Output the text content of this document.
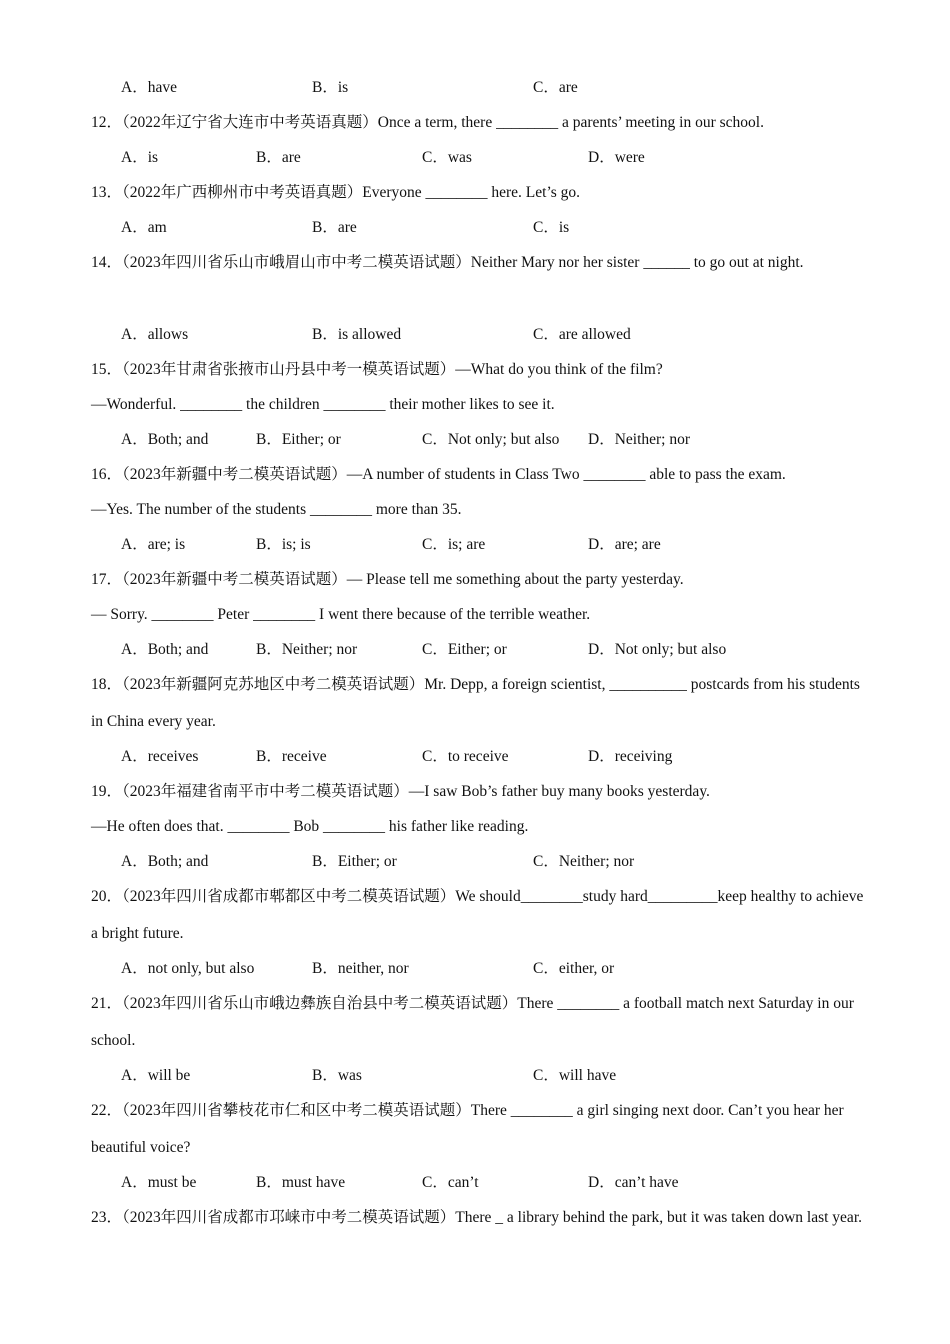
A．have	B．is	C．are

12．（2022年辽宁省大连市中考英语真题）Once a term, there ________ a parents’ meeting in our school.

A．is	B．are	C．was	D．were

13．（2022年广西柳州市中考英语真题）Everyone ________ here. Let’s go.

A．am	B．are	C．is

14．（2023年四川省乐山市峨眉山市中考二模英语试题）Neither Mary nor her sister ______ to go out at night.

A．allows	B．is allowed	C．are allowed
15．（2023年甘肃省张掖市山丹县中考一模英语试题）—What do you think of the film?
—Wonderful. ________ the children ________ their mother likes to see it.
A．Both; and	B．Either; or	C．Not only; but also D．Neither; nor
16．（2023年新疆中考二模英语试题）—A number of students in Class Two ________ able to pass the exam.
—Yes. The number of the students ________ more than 35.
A．are; is	B．is; is	C．is; are	D．are; are
17．（2023年新疆中考二模英语试题）— Please tell me something about the party yesterday.
— Sorry. ________ Peter ________ I went there because of the terrible weather.
A．Both; and	B．Neither; nor	C．Either; or	D．Not only; but also

18．（2023年新疆阿克苏地区中考二模英语试题）Mr. Depp, a foreign scientist, __________ postcards from his students in China every year.

A．receives	B．receive	C．to receive	D．receiving
19．（2023年福建省南平市中考二模英语试题）—I saw Bob’s father buy many books yesterday.
—He often does that. ________ Bob ________ his father like reading.
A．Both; and	B．Either; or	C．Neither; nor

20．（2023年四川省成都市郫都区中考二模英语试题）We should________study hard_________keep healthy to achieve a bright future.

A．not only, but also	B．neither, nor	C．either, or

21．（2023年四川省乐山市峨边彝族自治县中考二模英语试题）There ________ a football match next Saturday in our school.

A．will be	B．was	C．will have

22．（2023年四川省攀枝花市仁和区中考二模英语试题）There ________ a girl singing next door. Can’t you hear her beautiful voice?

A．must be	B．must have	C．can’t	D．can’t have

23．（2023年四川省成都市邛崃市中考二模英语试题）There _ a library behind the park, but it was taken down last year.
